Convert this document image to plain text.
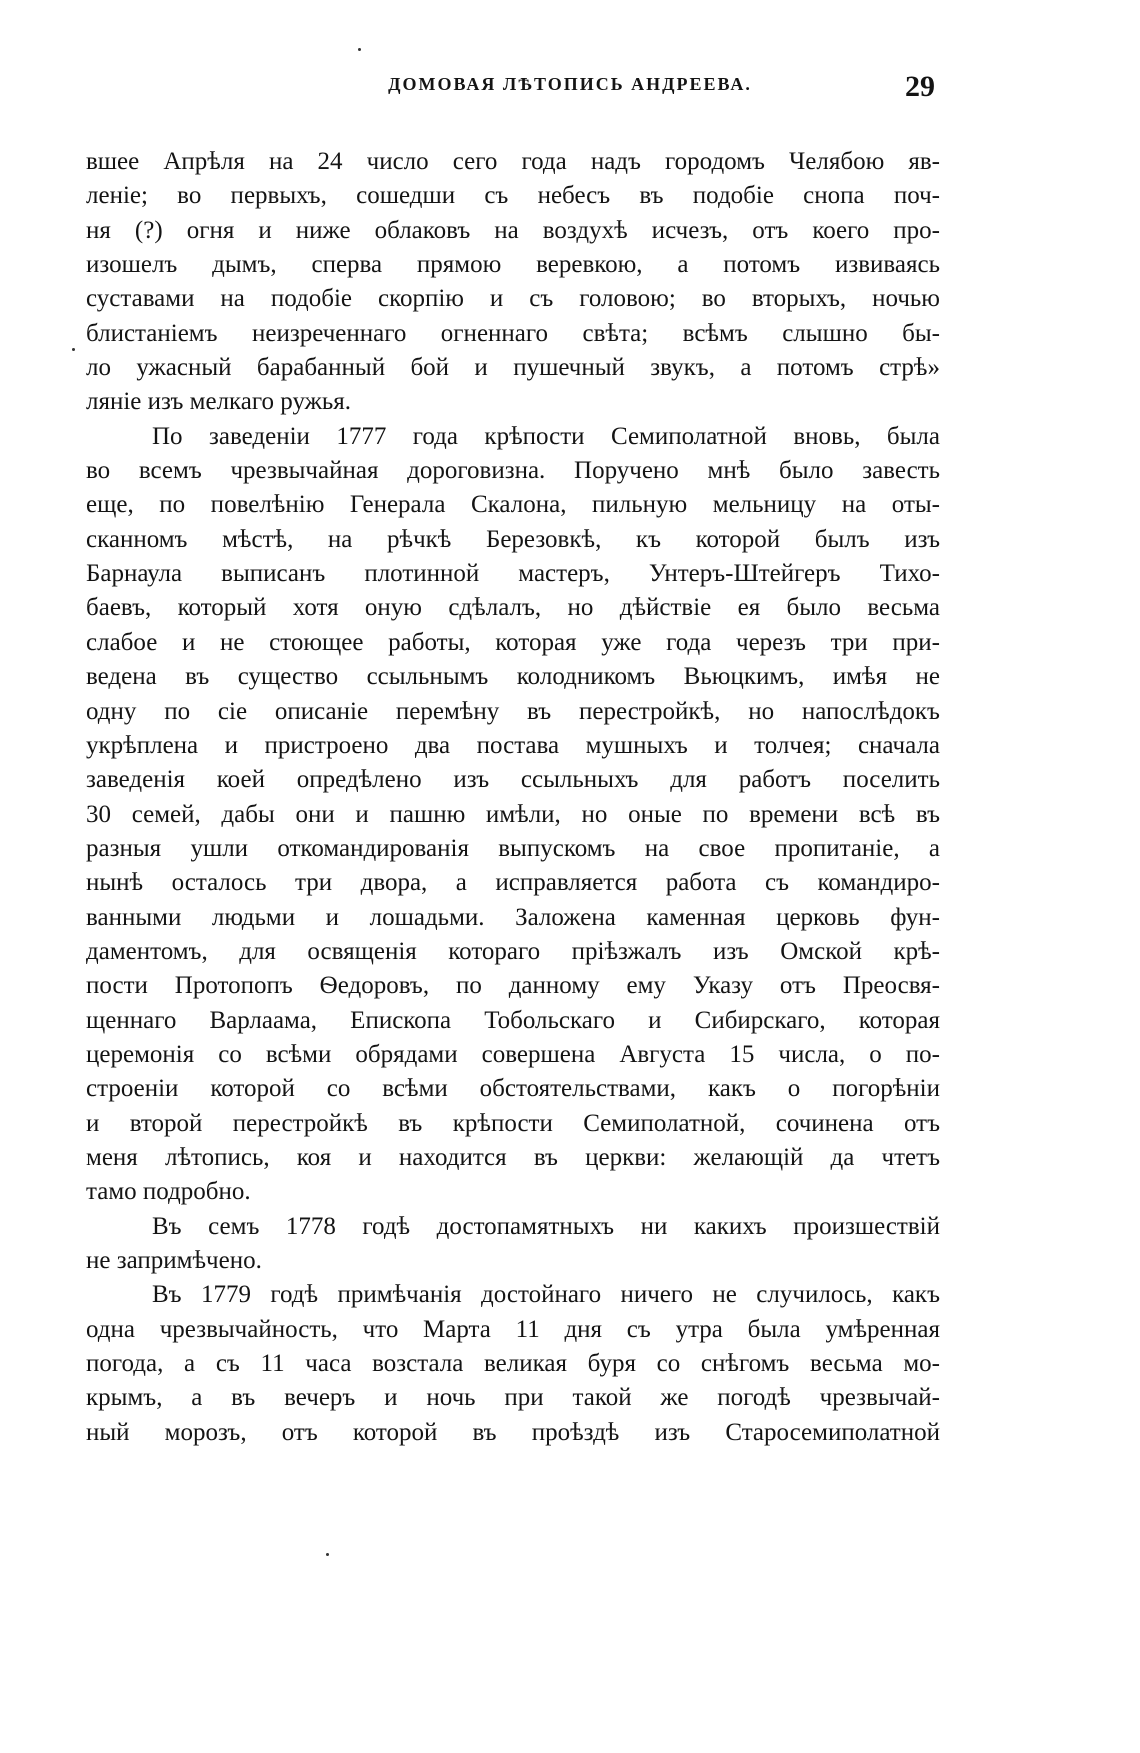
ДОМОВАЯ ЛѢТОПИСЬ АНДРЕЕВА.	29
вшее Апрѣля на 24 число сего года надъ городомъ Челябою яв-
леніе; во первыхъ, сошедши съ небесъ въ подобіе снопа поч-
ня (?) огня и ниже облаковъ на воздухѣ исчезъ, отъ коего про-
изошелъ дымъ, сперва прямою веревкою, а потомъ извиваясь
суставами на подобіе скорпію и съ головою; во вторыхъ, ночью
блистаніемъ неизреченнаго огненнаго свѣта; всѣмъ слышно бы-
ло ужасный барабанный бой и пушечный звукъ, а потомъ стрѣ»
ляніе изъ мелкаго ружья.
По заведеніи 1777 года крѣпости Семиполатной вновь, была
во всемъ чрезвычайная дороговизна. Поручено мнѣ было завесть
еще, по повелѣнію Генерала Скалона, пильную мельницу на оты-
сканномъ мѣстѣ, на рѣчкѣ Березовкѣ, къ которой былъ изъ
Барнаула выписанъ плотинной мастеръ, Унтеръ-Штейгеръ Тихо-
баевъ, который хотя оную сдѣлалъ, но дѣйствіе ея было весьма
слабое и не стоющее работы, которая уже года черезъ три при-
ведена въ существо ссыльнымъ колодникомъ Вьюцкимъ, имѣя не
одну по сіе описаніе перемѣну въ перестройкѣ, но напослѣдокъ
укрѣплена и пристроено два постава мушныхъ и толчея; сначала
заведенія коей опредѣлено изъ ссыльныхъ для работъ поселить
30 семей, дабы они и пашню имѣли, но оные по времени всѣ въ
разныя ушли откомандированія выпускомъ на свое пропитаніе, а
нынѣ осталось три двора, а исправляется работа съ командиро-
ванными людьми и лошадьми. Заложена каменная церковь фун-
даментомъ, для освященія котораго пріѣзжалъ изъ Омской крѣ-
пости Протопопъ Ѳедоровъ, по данному ему Указу отъ Преосвя-
щеннаго Варлаама, Епископа Тобольскаго и Сибирскаго, которая
церемонія со всѣми обрядами совершена Августа 15 числа, о по-
строеніи которой со всѣми обстоятельствами, какъ о погорѣніи
и второй перестройкѣ въ крѣпости Семиполатной, сочинена отъ
меня лѣтопись, коя и находится въ церкви: желающій да чтетъ
тамо подробно.
Въ семъ 1778 годѣ достопамятныхъ ни какихъ произшествій
не запримѣчено.
Въ 1779 годѣ примѣчанія достойнаго ничего не случилось, какъ
одна чрезвычайность, что Марта 11 дня съ утра была умѣренная
погода, а съ 11 часа возстала великая буря со снѣгомъ весьма мо-
крымъ, а въ вечеръ и ночь при такой же погодѣ чрезвычай-
ный морозъ, отъ которой въ проѣздѣ изъ Старосемиполатной
